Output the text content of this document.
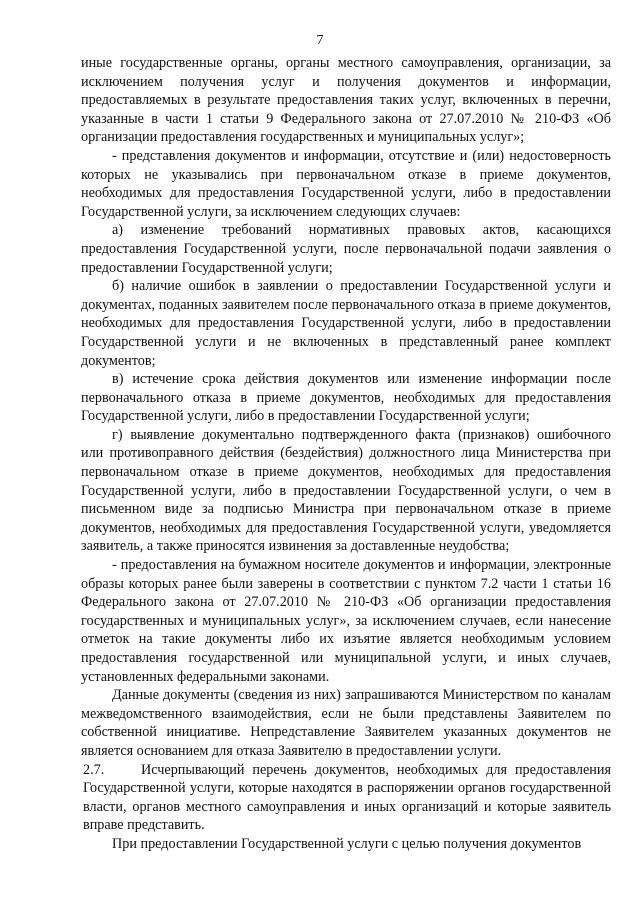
7

иные государственные органы, органы местного самоуправления, организации, за исключением получения услуг и получения документов и информации, предоставляемых в результате предоставления таких услуг, включенных в перечни, указанные в части 1 статьи 9 Федерального закона от 27.07.2010 № 210-ФЗ «Об организации предоставления государственных и муниципальных услуг»;

- представления документов и информации, отсутствие и (или) недостоверность которых не указывались при первоначальном отказе в приеме документов, необходимых для предоставления Государственной услуги, либо в предоставлении Государственной услуги, за исключением следующих случаев:

а) изменение требований нормативных правовых актов, касающихся предоставления Государственной услуги, после первоначальной подачи заявления о предоставлении Государственной услуги;

б) наличие ошибок в заявлении о предоставлении Государственной услуги и документах, поданных заявителем после первоначального отказа в приеме документов, необходимых для предоставления Государственной услуги, либо в предоставлении Государственной услуги и не включенных в представленный ранее комплект документов;

в) истечение срока действия документов или изменение информации после первоначального отказа в приеме документов, необходимых для предоставления Государственной услуги, либо в предоставлении Государственной услуги;

г) выявление документально подтвержденного факта (признаков) ошибочного или противоправного действия (бездействия) должностного лица Министерства при первоначальном отказе в приеме документов, необходимых для предоставления Государственной услуги, либо в предоставлении Государственной услуги, о чем в письменном виде за подписью Министра при первоначальном отказе в приеме документов, необходимых для предоставления Государственной услуги, уведомляется заявитель, а также приносятся извинения за доставленные неудобства;

- предоставления на бумажном носителе документов и информации, электронные образы которых ранее были заверены в соответствии с пунктом 7.2 части 1 статьи 16 Федерального закона от 27.07.2010 № 210-ФЗ «Об организации предоставления государственных и муниципальных услуг», за исключением случаев, если нанесение отметок на такие документы либо их изъятие является необходимым условием предоставления государственной или муниципальной услуги, и иных случаев, установленных федеральными законами.

Данные документы (сведения из них) запрашиваются Министерством по каналам межведомственного взаимодействия, если не были представлены Заявителем по собственной инициативе. Непредставление Заявителем указанных документов не является основанием для отказа Заявителю в предоставлении услуги.

2.7.	Исчерпывающий перечень документов, необходимых для предоставления Государственной услуги, которые находятся в распоряжении органов государственной власти, органов местного самоуправления и иных организаций и которые заявитель вправе представить.

При предоставлении Государственной услуги с целью получения документов
